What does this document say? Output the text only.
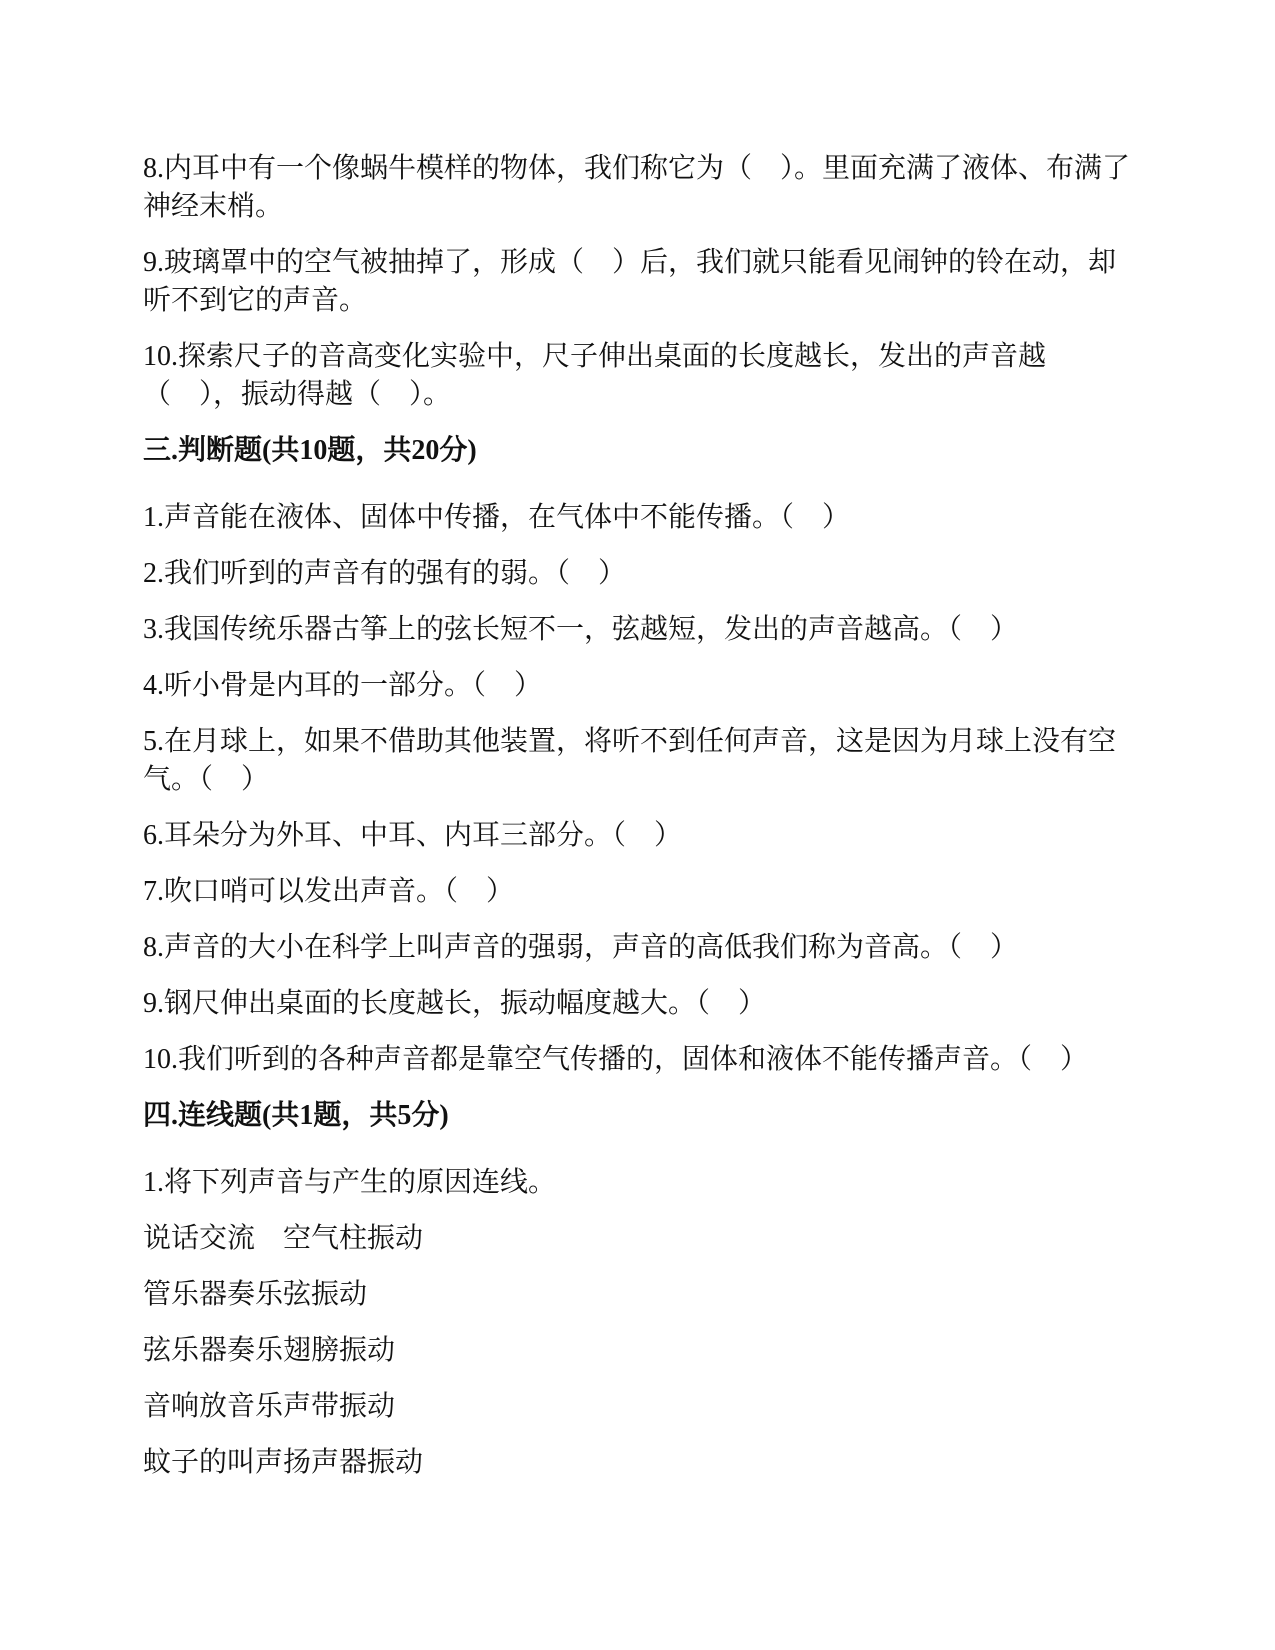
8.内耳中有一个像蜗牛模样的物体，我们称它为（　）。里面充满了液体、布满了神经末梢。

9.玻璃罩中的空气被抽掉了，形成（　）后，我们就只能看见闹钟的铃在动，却听不到它的声音。

10.探索尺子的音高变化实验中，尺子伸出桌面的长度越长，发出的声音越（　），振动得越（　）。

三.判断题(共10题，共20分)

1.声音能在液体、固体中传播，在气体中不能传播。（　）

2.我们听到的声音有的强有的弱。（　）

3.我国传统乐器古筝上的弦长短不一，弦越短，发出的声音越高。（　）

4.听小骨是内耳的一部分。（　）

5.在月球上，如果不借助其他装置，将听不到任何声音，这是因为月球上没有空气。（　）

6.耳朵分为外耳、中耳、内耳三部分。（　）

7.吹口哨可以发出声音。（　）

8.声音的大小在科学上叫声音的强弱，声音的高低我们称为音高。（　）

9.钢尺伸出桌面的长度越长，振动幅度越大。（　）

10.我们听到的各种声音都是靠空气传播的，固体和液体不能传播声音。（　）

四.连线题(共1题，共5分)

1.将下列声音与产生的原因连线。

说话交流 空气柱振动
管乐器奏乐 弦振动
弦乐器奏乐 翅膀振动
音响放音乐 声带振动
蚊子的叫声 扬声器振动
